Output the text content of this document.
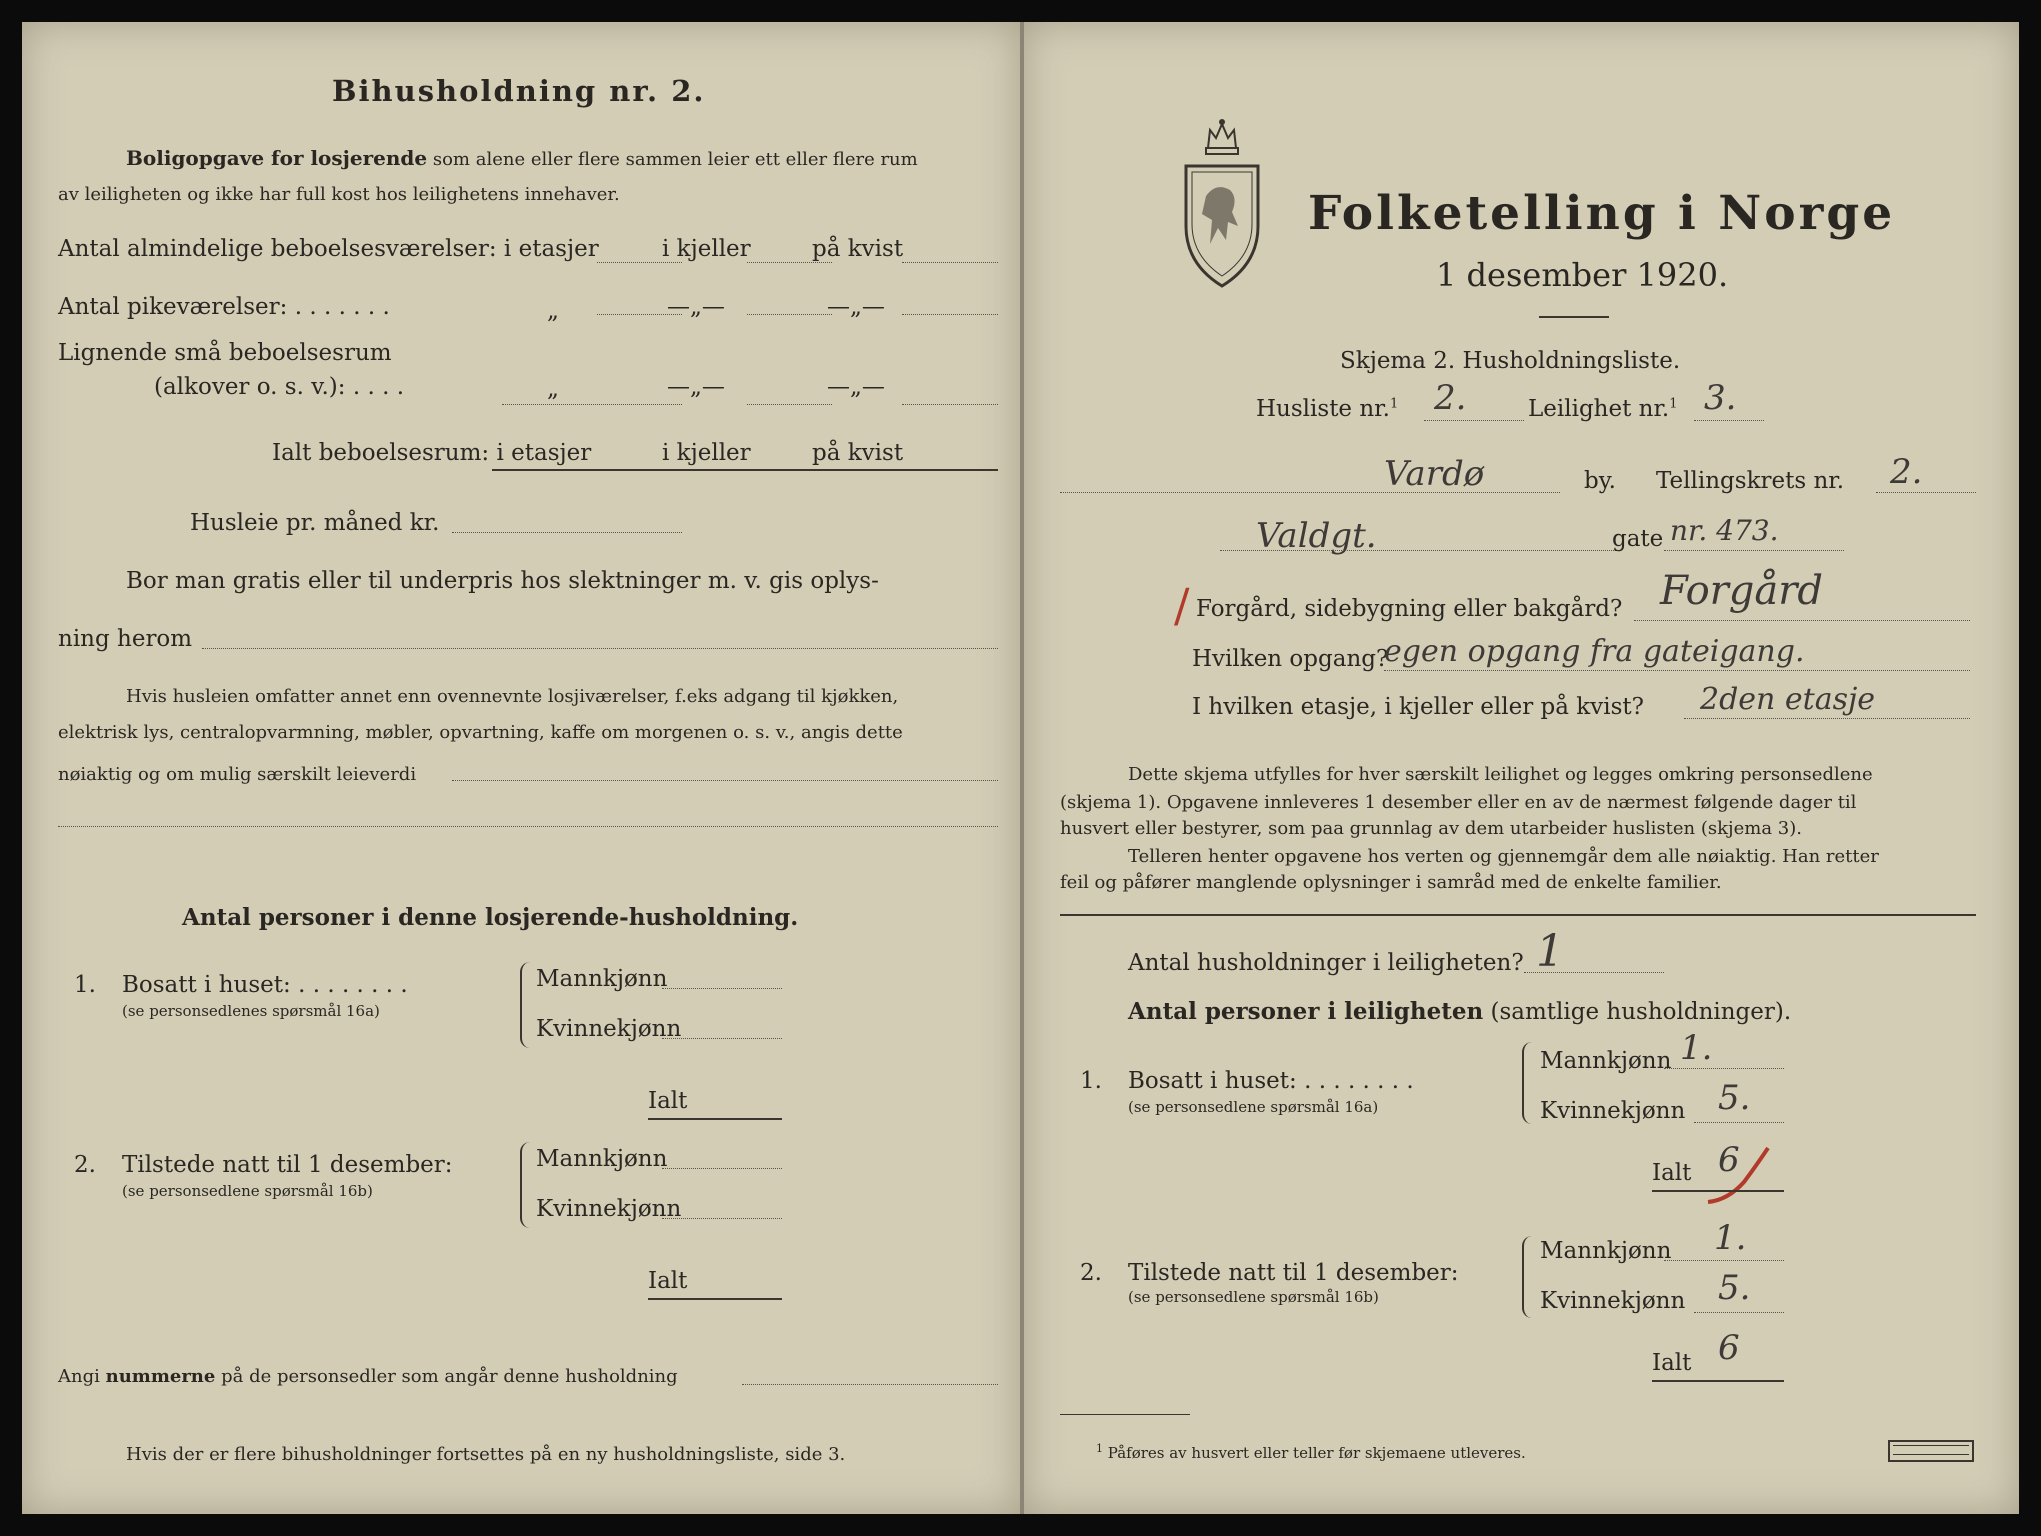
Bihusholdning nr. 2.
Boligopgave for losjerende som alene eller flere sammen leier ett eller flere rum
av leiligheten og ikke har full kost hos leilighetens innehaver.
Antal almindelige beboelsesværelser: i etasjer	i kjeller	på kvist
Antal pikeværelser: . . . . . . .	„	—„—	—„—
Lignende små beboelsesrum
(alkover o. s. v.): . . . .	„	—„—	—„—
Ialt beboelsesrum: i etasjer	i kjeller	på kvist
Husleie pr. måned kr.
Bor man gratis eller til underpris hos slektninger m. v. gis oplys-
ning herom
Hvis husleien omfatter annet enn ovennevnte losjiværelser, f.eks adgang til kjøkken,
elektrisk lys, centralopvarmning, møbler, opvartning, kaffe om morgenen o. s. v., angis dette
nøiaktig og om mulig særskilt leieverdi
Antal personer i denne losjerende-husholdning.
1. Bosatt i huset: . . . . . . . .
(se personsedlenes spørsmål 16a)
Mannkjønn
Kvinnekjønn
Ialt
2. Tilstede natt til 1 desember:
(se personsedlene spørsmål 16b)
Mannkjønn
Kvinnekjønn
Ialt
Angi nummerne på de personsedler som angår denne husholdning
Hvis der er flere bihusholdninger fortsettes på en ny husholdningsliste, side 3.
Folketelling i Norge
1 desember 1920.
Skjema 2. Husholdningsliste.
Husliste nr.$^1$ 2.	Leilighet nr.$^1$ 3.
Vardø	by. Tellingskrets nr. 2.
Valdgt.	gate nr. 473.
/ Forgård, sidebygning eller bakgård? Forgård
Hvilken opgang?
egen opgang fra gateigang.
I hvilken etasje, i kjeller eller på kvist? 2den etasje
Dette skjema utfylles for hver særskilt leilighet og legges omkring personsedlene
(skjema 1). Opgavene innleveres 1 desember eller en av de nærmest følgende dager til
husvert eller bestyrer, som paa grunnlag av dem utarbeider huslisten (skjema 3).
Telleren henter opgavene hos verten og gjennemgår dem alle nøiaktig. Han retter
feil og påfører manglende oplysninger i samråd med de enkelte familier.
Antal husholdninger i leiligheten? 1
Antal personer i leiligheten (samtlige husholdninger).
1. Bosatt i huset: . . . . . . . .
(se personsedlene spørsmål 16a)
Mannkjønn 1.
Kvinnekjønn 5.
Ialt 6
2. Tilstede natt til 1 desember:
(se personsedlene spørsmål 16b)
Mannkjønn 1.
Kvinnekjønn 5.
Ialt 6
$^1$ Påføres av husvert eller teller før skjemaene utleveres.
